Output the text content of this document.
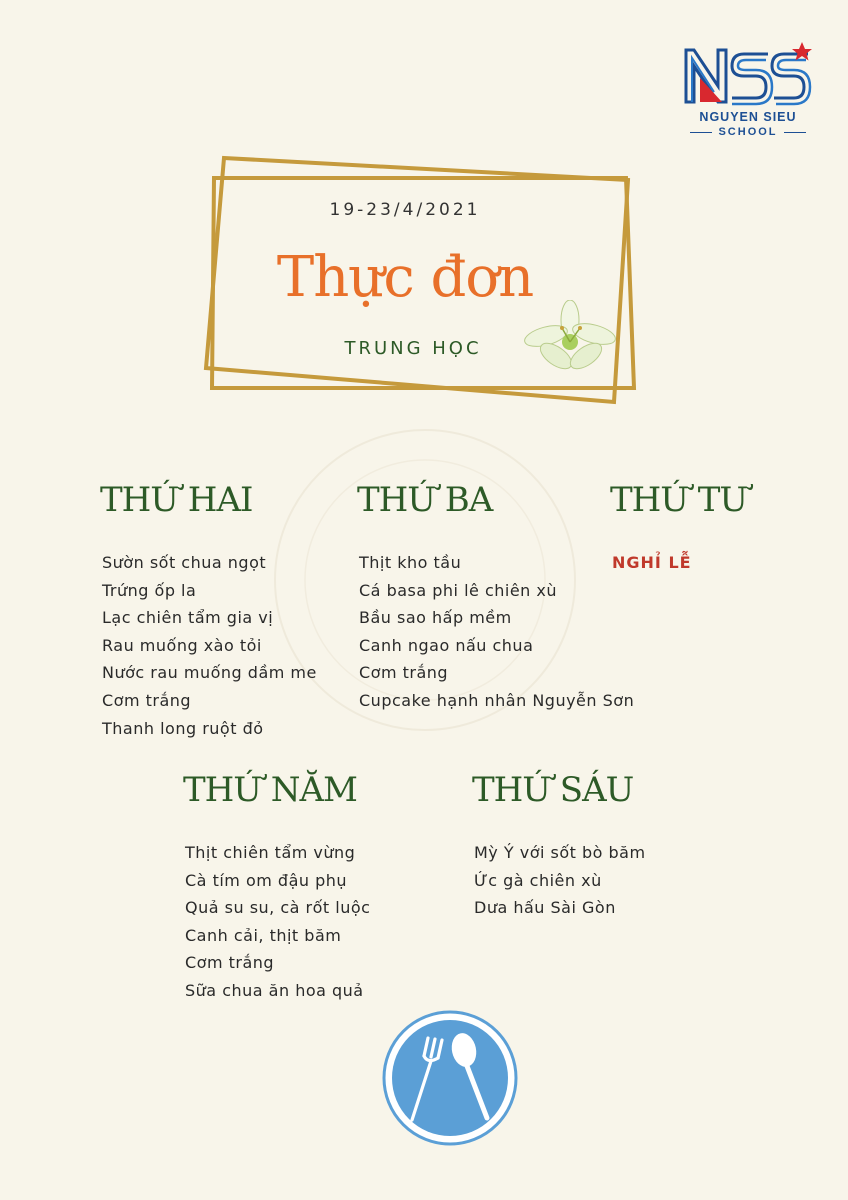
NGUYEN SIEU
SCHOOL
19-23/4/2021
Thực đơn
TRUNG HỌC
THỨ HAI
Sườn sốt chua ngọt
Trứng ốp la
Lạc chiên tẩm gia vị
Rau muống xào tỏi
Nước rau muống dầm me
Cơm trắng
Thanh long ruột đỏ
THỨ BA
Thịt kho tầu
Cá basa phi lê chiên xù
Bầu sao hấp mềm
Canh ngao nấu chua
Cơm trắng
Cupcake hạnh nhân Nguyễn Sơn
THỨ TƯ
NGHỈ LỄ
THỨ NĂM
Thịt chiên tẩm vừng
Cà tím om đậu phụ
Quả su su, cà rốt luộc
Canh cải, thịt băm
Cơm trắng
Sữa chua ăn hoa quả
THỨ SÁU
Mỳ Ý với sốt bò băm
Ức gà chiên xù
Dưa hấu Sài Gòn
